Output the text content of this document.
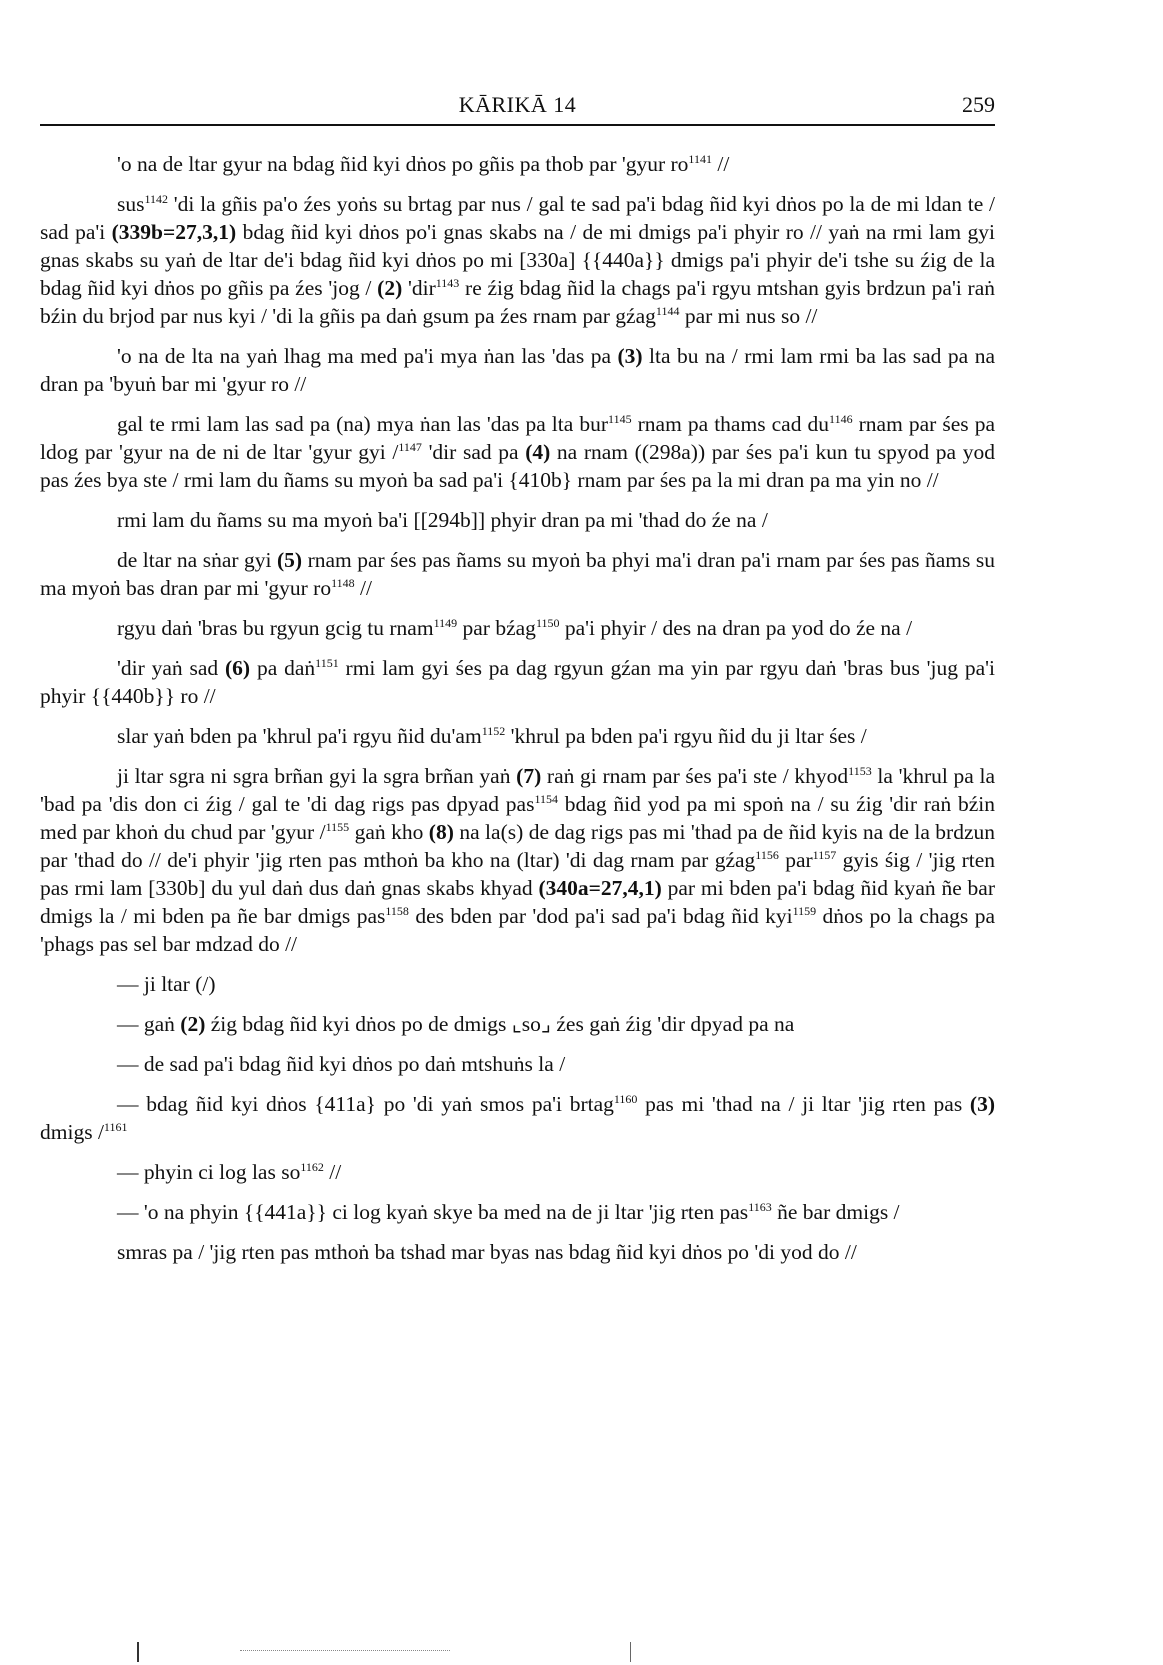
KĀRIKĀ 14	259

'o na de ltar gyur na bdag ñid kyi dṅos po gñis pa thob par 'gyur $ro^{1141}$ //

sus$^{1142}$ 'di la gñis pa'o źes yoṅs su brtag par nus / gal te sad pa'i bdag ñid kyi dṅos po la de mi ldan te / sad pa'i (339b=27,3,1) bdag ñid kyi dṅos po'i gnas skabs na / de mi dmigs pa'i phyir ro // yaṅ na rmi lam gyi gnas skabs su yaṅ de ltar de'i bdag ñid kyi dṅos po mi [330a] {{440a}} dmigs pa'i phyir de'i tshe su źig de la bdag ñid kyi dṅos po gñis pa źes 'jog / (2) 'dir$^{1143}$ re źig bdag ñid la chags pa'i rgyu mtshan gyis brdzun pa'i raṅ bźin du brjod par nus kyi / 'di la gñis pa daṅ gsum pa źes rnam par gźag$^{1144}$ par mi nus so //

'o na de lta na yaṅ lhag ma med pa'i mya ṅan las 'das pa (3) lta bu na / rmi lam rmi ba las sad pa na dran pa 'byuṅ bar mi 'gyur ro //

gal te rmi lam las sad pa (na) mya ṅan las 'das pa lta bur$^{1145}$ rnam pa thams cad $du^{1146}$ rnam par śes pa ldog par 'gyur na de ni de ltar 'gyur gyi /$^{1147}$ 'dir sad pa (4) na rnam ((298a)) par śes pa'i kun tu spyod pa yod pas źes bya ste / rmi lam du ñams su myoṅ ba sad pa'i {410b} rnam par śes pa la mi dran pa ma yin no //

rmi lam du ñams su ma myoṅ ba'i [[294b]] phyir dran pa mi 'thad do źe na /

de ltar na sṅar gyi (5) rnam par śes pas ñams su myoṅ ba phyi ma'i dran pa'i rnam par śes pas ñams su ma myoṅ bas dran par mi 'gyur $ro^{1148}$ //

rgyu daṅ 'bras bu rgyun gcig tu rnam$^{1149}$ par bźag$^{1150}$ pa'i phyir / des na dran pa yod do źe na /

'dir yaṅ sad (6) pa daṅ$^{1151}$ rmi lam gyi śes pa dag rgyun gźan ma yin par rgyu daṅ 'bras bus 'jug pa'i phyir {{440b}} ro //

slar yaṅ bden pa 'khrul pa'i rgyu ñid $du'am^{1152}$ 'khrul pa bden pa'i rgyu ñid du ji ltar śes /

ji ltar sgra ni sgra brñan gyi la sgra brñan yaṅ (7) raṅ gi rnam par śes pa'i ste / khyod$^{1153}$ la 'khrul pa la 'bad pa 'dis don ci źig / gal te 'di dag rigs pas dpyad pas$^{1154}$ bdag ñid yod pa mi spoṅ na / su źig 'dir raṅ bźin med par khoṅ du chud par 'gyur /$^{1155}$ gaṅ kho (8) na la(s) de dag rigs pas mi 'thad pa de ñid kyis na de la brdzun par 'thad do // de'i phyir 'jig rten pas mthoṅ ba kho na (ltar) 'di dag rnam par gźag$^{1156}$ par$^{1157}$ gyis śig / 'jig rten pas rmi lam [330b] du yul daṅ dus daṅ gnas skabs khyad (340a=27,4,1) par mi bden pa'i bdag ñid kyaṅ ñe bar dmigs la / mi bden pa ñe bar dmigs pas$^{1158}$ des bden par 'dod pa'i sad pa'i bdag ñid kyi$^{1159}$ dṅos po la chags pa 'phags pas sel bar mdzad do //

— ji ltar (/)

— gaṅ (2) źig bdag ñid kyi dṅos po de dmigs ⌞so⌟ źes gaṅ źig 'dir dpyad pa na

— de sad pa'i bdag ñid kyi dṅos po daṅ mtshuṅs la /

— bdag ñid kyi dṅos {411a} po 'di yaṅ smos pa'i brtag$^{1160}$ pas mi 'thad na / ji ltar 'jig rten pas (3) dmigs /$^{1161}$

— phyin ci log las $so^{1162}$ //

— 'o na phyin {{441a}} ci log kyaṅ skye ba med na de ji ltar 'jig rten pas$^{1163}$ ñe bar dmigs /

smras pa / 'jig rten pas mthoṅ ba tshad mar byas nas bdag ñid kyi dṅos po 'di yod do //
